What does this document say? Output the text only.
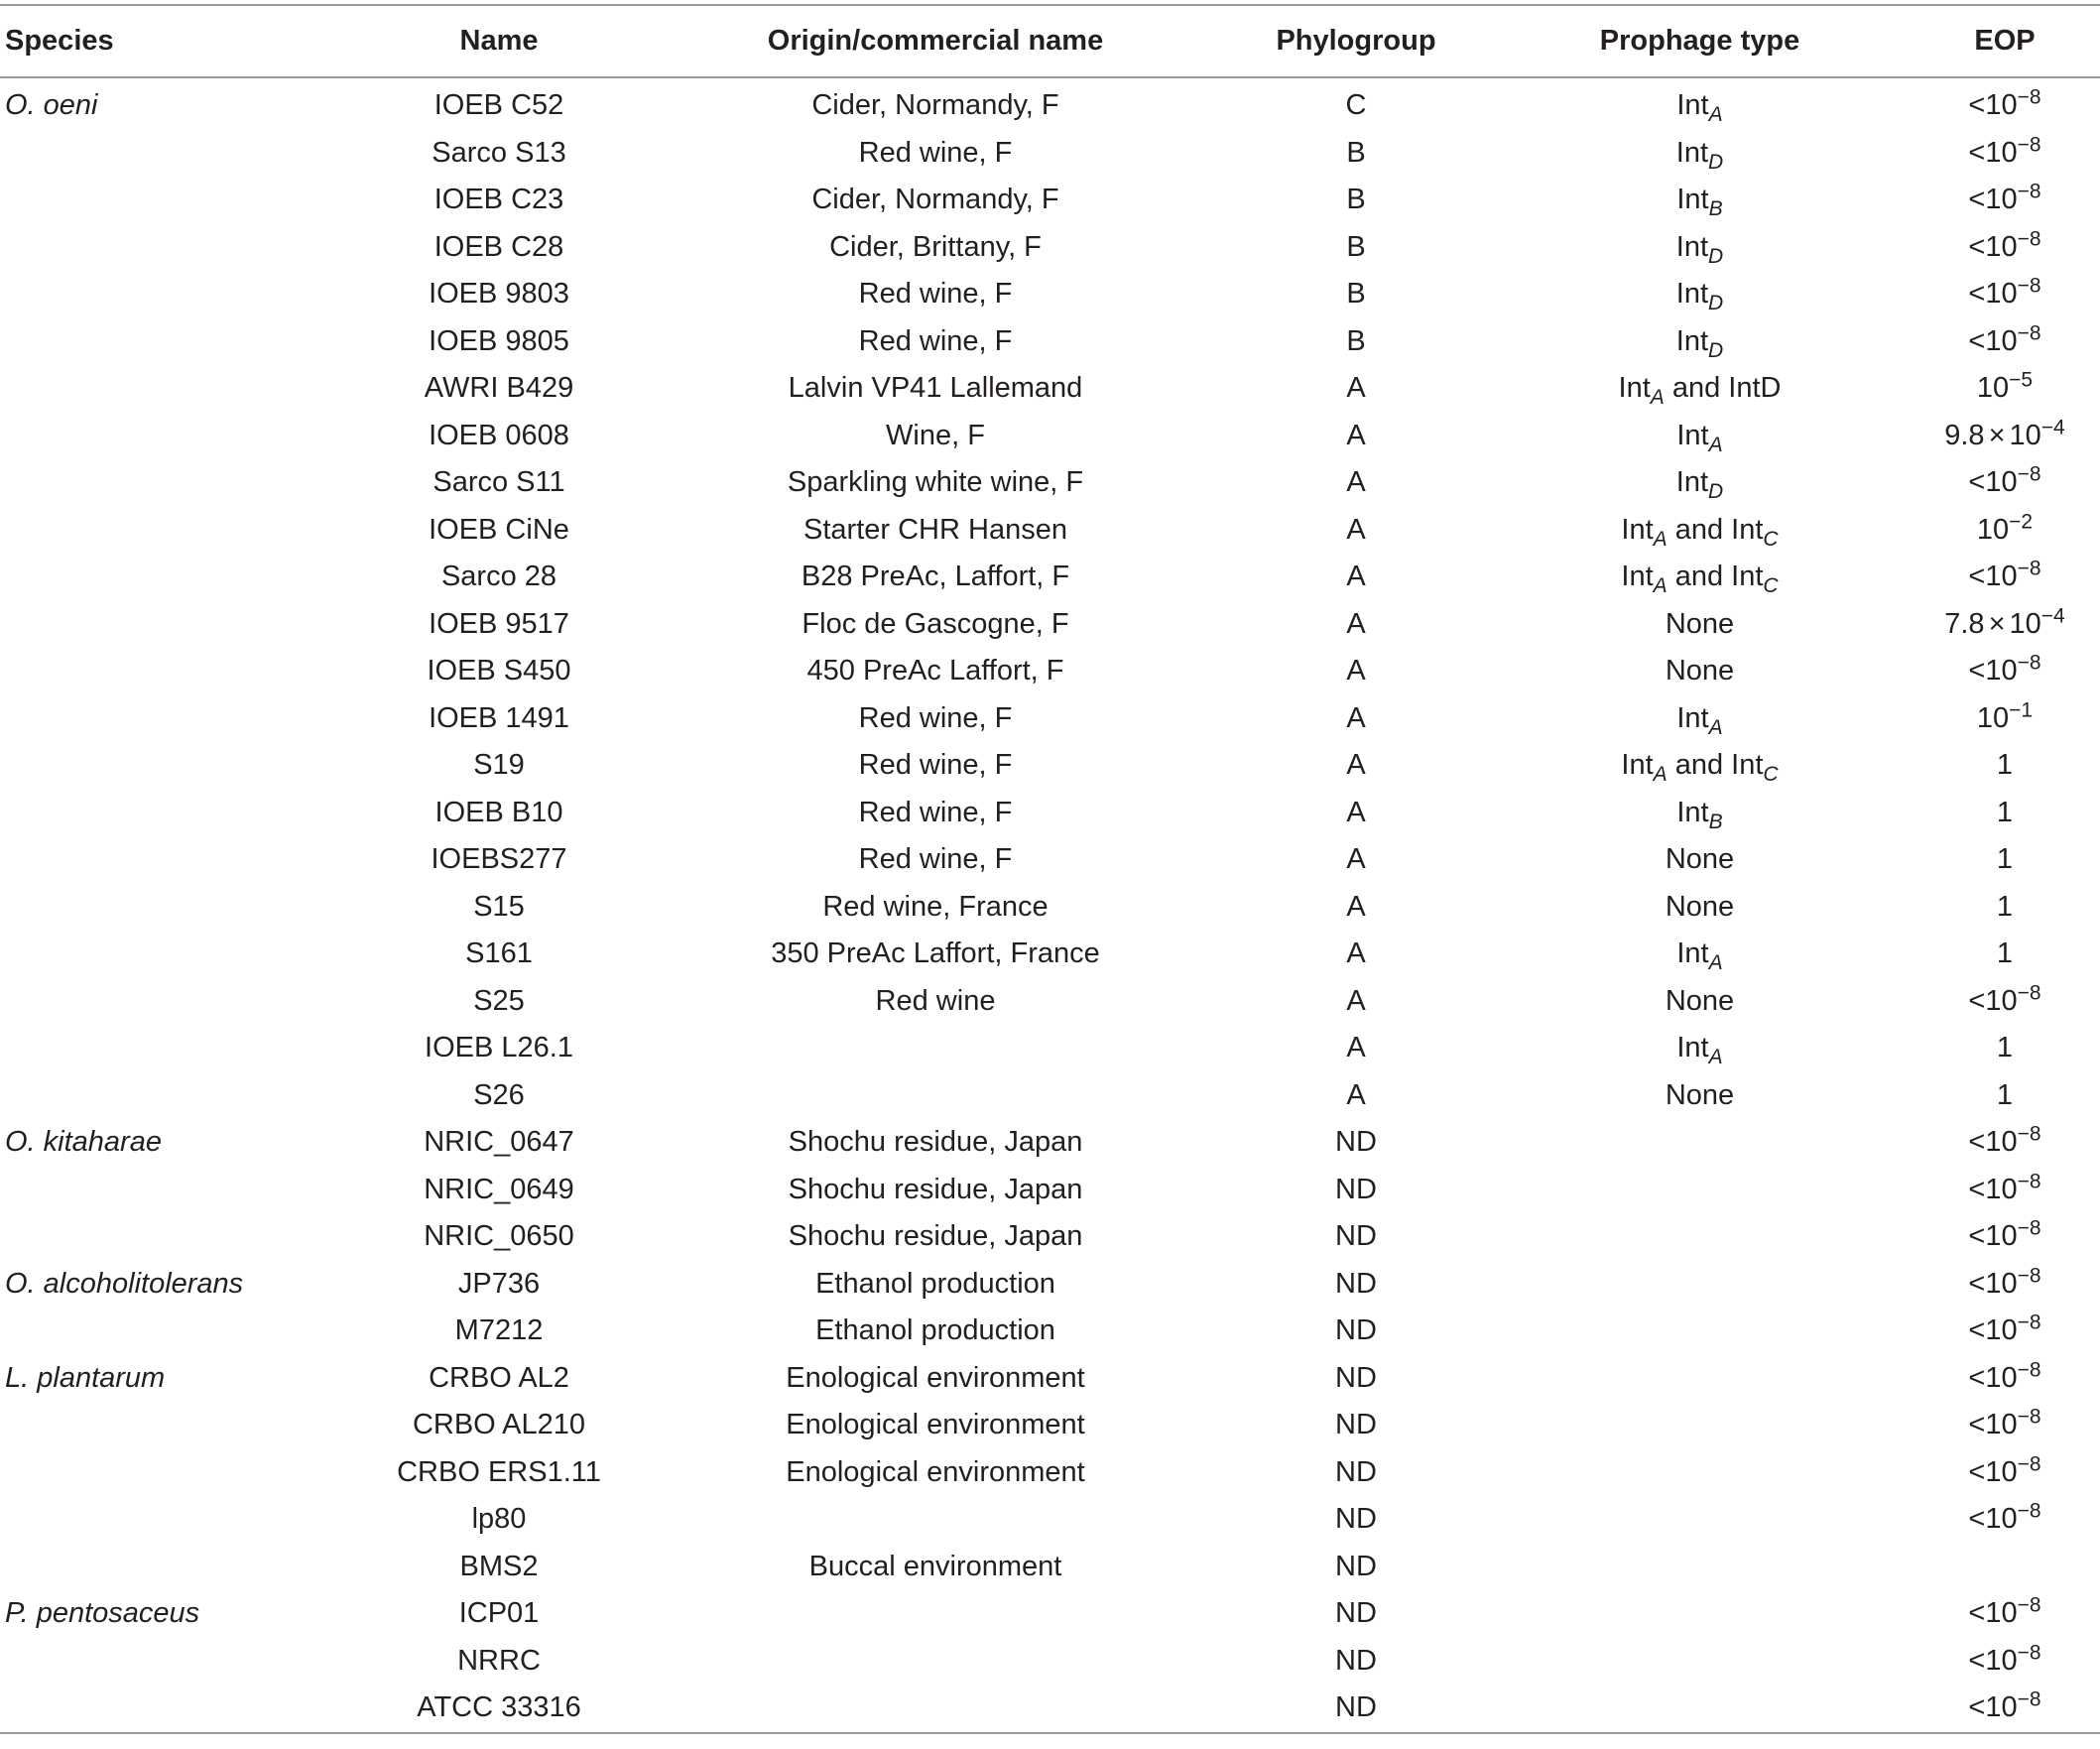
Species	Name	Origin/commercial name	Phylogroup	Prophage type	EOP
O. oeni	IOEB C52	Cider, Normandy, F	C	Int$_A$	$<10^{-8}$
	Sarco S13	Red wine, F	B	Int$_D$	$<10^{-8}$
	IOEB C23	Cider, Normandy, F	B	Int$_B$	$<10^{-8}$
	IOEB C28	Cider, Brittany, F	B	Int$_D$	$<10^{-8}$
	IOEB 9803	Red wine, F	B	Int$_D$	$<10^{-8}$
	IOEB 9805	Red wine, F	B	Int$_D$	$<10^{-8}$
	AWRI B429	Lalvin VP41 Lallemand	A	Int$_A$ and IntD	$10^{-5}$
	IOEB 0608	Wine, F	A	Int$_A$	$9.8 \times 10^{-4}$
	Sarco S11	Sparkling white wine, F	A	Int$_D$	$<10^{-8}$
	IOEB CiNe	Starter CHR Hansen	A	Int$_A$ and Int$_C$	$10^{-2}$
	Sarco 28	B28 PreAc, Laffort, F	A	Int$_A$ and Int$_C$	$<10^{-8}$
	IOEB 9517	Floc de Gascogne, F	A	None	$7.8 \times 10^{-4}$
	IOEB S450	450 PreAc Laffort, F	A	None	$<10^{-8}$
	IOEB 1491	Red wine, F	A	Int$_A$	$10^{-1}$
	S19	Red wine, F	A	Int$_A$ and Int$_C$	1
	IOEB B10	Red wine, F	A	Int$_B$	1
	IOEBS277	Red wine, F	A	None	1
	S15	Red wine, France	A	None	1
	S161	350 PreAc Laffort, France	A	Int$_A$	1
	S25	Red wine	A	None	$<10^{-8}$
	IOEB L26.1		A	Int$_A$	1
	S26		A	None	1
O. kitaharae	NRIC_0647	Shochu residue, Japan	ND		$<10^{-8}$
	NRIC_0649	Shochu residue, Japan	ND		$<10^{-8}$
	NRIC_0650	Shochu residue, Japan	ND		$<10^{-8}$
O. alcoholitolerans	JP736	Ethanol production	ND		$<10^{-8}$
	M7212	Ethanol production	ND		$<10^{-8}$
L. plantarum	CRBO AL2	Enological environment	ND		$<10^{-8}$
	CRBO AL210	Enological environment	ND		$<10^{-8}$
	CRBO ERS1.11	Enological environment	ND		$<10^{-8}$
	lp80		ND		$<10^{-8}$
	BMS2	Buccal environment	ND		
P. pentosaceus	ICP01		ND		$<10^{-8}$
	NRRC		ND		$<10^{-8}$
	ATCC 33316		ND		$<10^{-8}$
